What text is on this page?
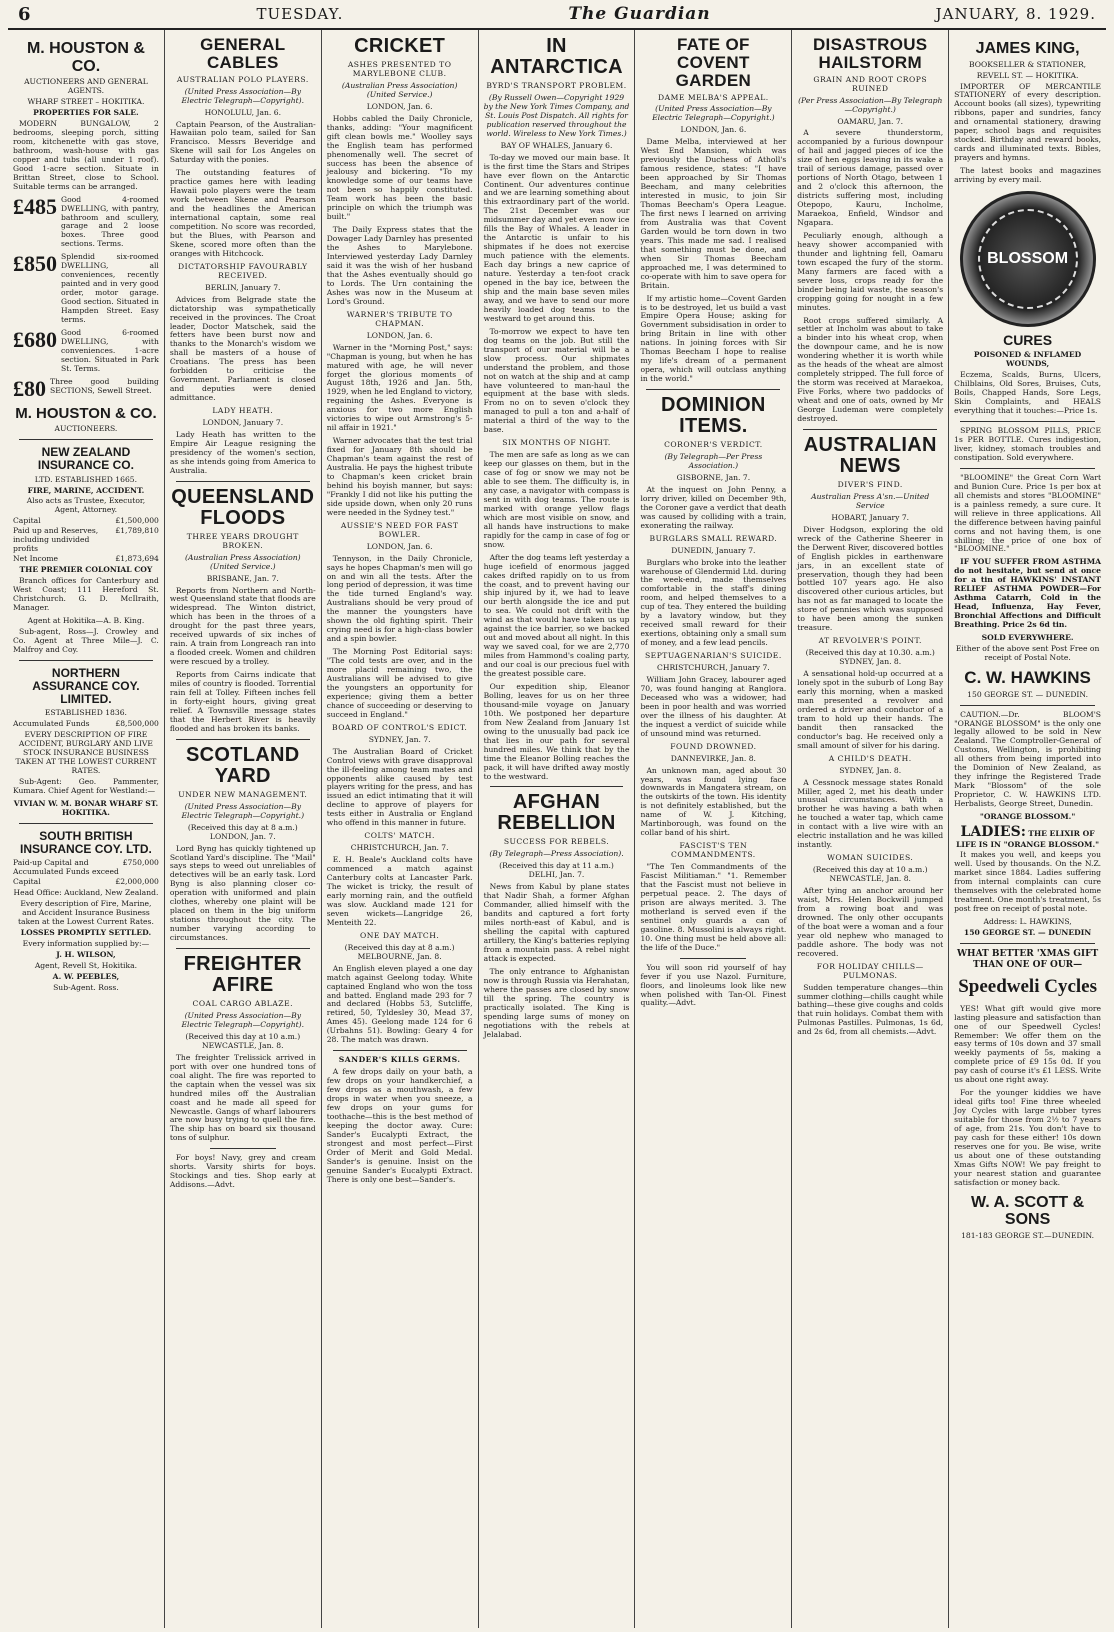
6	TUESDAY.	The Guardian	JANUARY, 8. 1929.
M. HOUSTON & CO.
AUCTIONEERS AND GENERAL AGENTS.
WHARF STREET – HOKITIKA.
PROPERTIES FOR SALE.
MODERN BUNGALOW, 2 bedrooms, sleeping porch, sitting room, kitchenette with gas stove, bathroom, wash-house with gas copper and tubs (all under 1 roof). Good 1-acre section. Situate in Brittan Street, close to School. Suitable terms can be arranged.
£485 Good 4-roomed DWELLING, with pantry, bathroom and scullery, garage and 2 loose boxes. Three good sections. Terms.
£850 Splendid six-roomed DWELLING, all conveniences, recently painted and in very good order, motor garage. Good section. Situated in Hampden Street. Easy terms.
£680 Good 6-roomed DWELLING, with conveniences. 1-acre section. Situated in Park St. Terms.
£80 Three good building SECTIONS, Sewell Street.
M. HOUSTON & CO.
AUCTIONEERS.
NEW ZEALAND INSURANCE CO.
LTD. ESTABLISHED 1665.
FIRE, MARINE, ACCIDENT.
Also acts as Trustee, Executor, Agent, Attorney.
Capital	£1,500,000
Paid up and Reserves, including undivided profits
£1,789,810
Net Income	£1,873,694
THE PREMIER COLONIAL COY
Branch offices for Canterbury and West Coast; 111 Hereford St. Christchurch. G. D. McIlraith, Manager.
Agent at Hokitika—A. B. King.
Sub-agent, Ross—J. Crowley and Co. Agent at Three Mile—J. C. Malfroy and Coy.
NORTHERN ASSURANCE COY. LIMITED.
ESTABLISHED 1836.
Accumulated Funds	£8,500,000
EVERY DESCRIPTION OF FIRE ACCIDENT, BURGLARY AND LIVE STOCK INSURANCE BUSINESS TAKEN AT THE LOWEST CURRENT RATES.
Sub-Agent: Geo. Pammenter, Kumara. Chief Agent for Westland:—
VIVIAN W. M. BONAR WHARF ST. HOKITIKA.
SOUTH BRITISH INSURANCE COY. LTD.
Paid-up Capital and Accumulated Funds exceed
£750,000
Capital	£2,000,000
Head Office: Auckland, New Zealand.
Every description of Fire, Marine, and Accident Insurance Business taken at the Lowest Current Rates.
LOSSES PROMPTLY SETTLED.
Every information supplied by:—
J. H. WILSON,
Agent, Revell St, Hokitika.
A. W. PEEBLES,
Sub-Agent. Ross.
GENERAL CABLES
AUSTRALIAN POLO PLAYERS.
(United Press Association—By Electric Telegraph—Copyright).
HONOLULU, Jan. 6.

Captain Pearson, of the Australian-Hawaiian polo team, sailed for San Francisco. Messrs Beveridge and Skene will sail for Los Angeles on Saturday with the ponies.

The outstanding features of practice games here with leading Hawaii polo players were the team work between Skene and Pearson and the headlines the American international captain, some real competition. No score was recorded, but the Blues, with Pearson and Skene, scored more often than the oranges with Hitchcock.

DICTATORSHIP FAVOURABLY RECEIVED.
BERLIN, January 7.

Advices from Belgrade state the dictatorship was sympathetically received in the provinces. The Croat leader, Doctor Matschek, said the fetters have been burst now and thanks to the Monarch's wisdom we shall be masters of a house of Croatians. The press has been forbidden to criticise the Government. Parliament is closed and deputies were denied admittance.

LADY HEATH.
LONDON, January 7.

Lady Heath has written to the Empire Air League resigning the presidency of the women's section, as she intends going from America to Australia.

QUEENSLAND FLOODS
THREE YEARS DROUGHT BROKEN.
(Australian Press Association) (United Service.)
BRISBANE, Jan. 7.

Reports from Northern and North-west Queensland state that floods are widespread. The Winton district, which has been in the throes of a drought for the past three years, received upwards of six inches of rain. A train from Longreach ran into a flooded creek. Women and children were rescued by a trolley.

Reports from Cairns indicate that miles of country is flooded. Torrential rain fell at Tolley. Fifteen inches fell in forty-eight hours, giving great relief. A Townsville message states that the Herbert River is heavily flooded and has broken its banks.

SCOTLAND YARD
UNDER NEW MANAGEMENT.
(United Press Association—By Electric Telegraph—Copyright.)
(Received this day at 8 a.m.) LONDON, Jan. 7.

Lord Byng has quickly tightened up Scotland Yard's discipline. The "Mail" says steps to weed out unreliables of detectives will be an early task. Lord Byng is also planning closer co-operation with uniformed and plain clothes, whereby one plaint will be placed on them in the big uniform stations throughout the city. The number varying according to circumstances.

FREIGHTER AFIRE
COAL CARGO ABLAZE.
(United Press Association—By Electric Telegraph—Copyright).
(Received this day at 10 a.m.) NEWCASTLE, Jan. 8.

The freighter Trelissick arrived in port with over one hundred tons of coal alight. The fire was reported to the captain when the vessel was six hundred miles off the Australian coast and he made all speed for Newcastle. Gangs of wharf labourers are now busy trying to quell the fire. The ship has on board six thousand tons of sulphur.

For boys! Navy, grey and cream shorts. Varsity shirts for boys. Stockings and ties. Shop early at Addisons.—Advt.

CRICKET
ASHES PRESENTED TO MARYLEBONE CLUB.
(Australian Press Association) (United Service.)
LONDON, Jan. 6.

Hobbs cabled the Daily Chronicle, thanks, adding: "Your magnificent gift clean bowls me." Woolley says the English team has performed phenomenally well. The secret of success has been the absence of jealousy and bickering. "To my knowledge some of our teams have not been so happily constituted. Team work has been the basic principle on which the triumph was built."

The Daily Express states that the Dowager Lady Darnley has presented the Ashes to Marylebone. Interviewed yesterday Lady Darnley said it was the wish of her husband that the Ashes eventually should go to Lords. The Urn containing the Ashes was now in the Museum at Lord's Ground.

WARNER'S TRIBUTE TO CHAPMAN.
LONDON, Jan. 6.

Warner in the "Morning Post," says: "Chapman is young, but when he has matured with age, he will never forget the glorious moments of August 18th, 1926 and Jan. 5th, 1929, when he led England to victory, regaining the Ashes. Everyone is anxious for two more English victories to wipe out Armstrong's 5-nil affair in 1921."

Warner advocates that the test trial fixed for January 8th should be Chapman's team against the rest of Australia. He pays the highest tribute to Chapman's keen cricket brain behind his boyish manner, but says: "Frankly I did not like his putting the side upside down, when only 20 runs were needed in the Sydney test."

AUSSIE'S NEED FOR FAST BOWLER.
LONDON, Jan. 6.

Tennyson, in the Daily Chronicle, says he hopes Chapman's men will go on and win all the tests. After the long period of depression, it was time the tide turned England's way. Australians should be very proud of the manner the youngsters have shown the old fighting spirit. Their crying need is for a high-class bowler and a spin bowler.

The Morning Post Editorial says: "The cold tests are over, and in the more placid remaining two, the Australians will be advised to give the youngsters an opportunity for experience; giving them a better chance of succeeding or deserving to succeed in England."

BOARD OF CONTROL'S EDICT.
SYDNEY, Jan. 7.

The Australian Board of Cricket Control views with grave disapproval the ill-feeling among team mates and opponents alike caused by test players writing for the press, and has issued an edict intimating that it will decline to approve of players for tests either in Australia or England who offend in this manner in future.

COLTS' MATCH.
CHRISTCHURCH, Jan. 7.

E. H. Beale's Auckland colts have commenced a match against Canterbury colts at Lancaster Park. The wicket is tricky, the result of early morning rain, and the outfield was slow. Auckland made 121 for seven wickets—Langridge 26, Menteith 22.

ONE DAY MATCH.
(Received this day at 8 a.m.) MELBOURNE, Jan. 8.

An English eleven played a one day match against Geelong today. White captained England who won the toss and batted. England made 293 for 7 and declared (Hobbs 53, Sutcliffe, retired, 50, Tyldesley 30, Mead 37, Ames 45). Geelong made 124 for 6 (Urbahns 51). Bowling: Geary 4 for 28. The match was drawn.

SANDER'S KILLS GERMS.

A few drops daily on your bath, a few drops on your handkerchief, a few drops as a mouthwash, a few drops in water when you sneeze, a few drops on your gums for toothache—this is the best method of keeping the doctor away. Cure: Sander's Eucalypti Extract, the strongest and most perfect—First Order of Merit and Gold Medal. Sander's is genuine. Insist on the genuine Sander's Eucalypti Extract. There is only one best—Sander's.

IN ANTARCTICA
BYRD'S TRANSPORT PROBLEM.
(By Russell Owen—Copyright 1929 by the New York Times Company, and St. Louis Post Dispatch. All rights for publication reserved throughout the world. Wireless to New York Times.)
BAY OF WHALES, January 6.

To-day we moved our main base. It is the first time the Stars and Stripes have ever flown on the Antarctic Continent. Our adventures continue and we are learning something about this extraordinary part of the world. The 21st December was our midsummer day and yet even now ice fills the Bay of Whales. A leader in the Antarctic is unfair to his shipmates if he does not exercise much patience with the elements. Each day brings a new caprice of nature. Yesterday a ten-foot crack opened in the bay ice, between the ship and the main base seven miles away, and we have to send our more heavily loaded dog teams to the westward to get around this.

To-morrow we expect to have ten dog teams on the job. But still the transport of our material will be a slow process. Our shipmates understand the problem, and those not on watch at the ship and at camp have volunteered to man-haul the equipment at the base with sleds. From no on to seven o'clock they managed to pull a ton and a-half of material a third of the way to the base.

SIX MONTHS OF NIGHT.

The men are safe as long as we can keep our glasses on them, but in the case of fog or snow we may not be able to see them. The difficulty is, in any case, a navigator with compass is sent in with dog teams. The route is marked with orange yellow flags which are most visible on snow, and all hands have instructions to make rapidly for the camp in case of fog or snow.

After the dog teams left yesterday a huge icefield of enormous jagged cakes drifted rapidly on to us from the coast, and to prevent having our ship injured by it, we had to leave our berth alongside the ice and put to sea. We could not drift with the wind as that would have taken us up against the ice barrier, so we backed out and moved about all night. In this way we saved coal, for we are 2,770 miles from Hammond's coaling party, and our coal is our precious fuel with the greatest possible care.

Our expedition ship, Eleanor Bolling, leaves for us on her three thousand-mile voyage on January 10th. We postponed her departure from New Zealand from January 1st owing to the unusually bad pack ice that lies in our path for several hundred miles. We think that by the time the Eleanor Bolling reaches the pack, it will have drifted away mostly to the westward.

AFGHAN REBELLION
SUCCESS FOR REBELS.
(By Telegraph—Press Association).
(Received this day at 11 a.m.) DELHI, Jan. 7.

News from Kabul by plane states that Nadir Shah, a former Afghan Commander, allied himself with the bandits and captured a fort forty miles north-east of Kabul, and is shelling the capital with captured artillery, the King's batteries replying from a mountain pass. A rebel night attack is expected.

The only entrance to Afghanistan now is through Russia via Herahatan, where the passes are closed by snow till the spring. The country is practically isolated. The King is spending large sums of money on negotiations with the rebels at Jelalabad.

FATE OF COVENT GARDEN
DAME MELBA'S APPEAL.
(United Press Association—By Electric Telegraph—Copyright.)
LONDON, Jan. 6.

Dame Melba, interviewed at her West End Mansion, which was previously the Duchess of Atholl's famous residence, states: "I have been approached by Sir Thomas Beecham, and many celebrities interested in music, to join Sir Thomas Beecham's Opera League. The first news I learned on arriving from Australia was that Covent Garden would be torn down in two years. This made me sad. I realised that something must be done, and when Sir Thomas Beecham approached me, I was determined to co-operate with him to save opera for Britain.

If my artistic home—Covent Garden is to be destroyed, let us build a vast Empire Opera House; asking for Government subsidisation in order to bring Britain in line with other nations. In joining forces with Sir Thomas Beecham I hope to realise my life's dream of a permanent opera, which will outclass anything in the world."

DOMINION ITEMS.
CORONER'S VERDICT.
(By Telegraph—Per Press Association.)
GISBORNE, Jan. 7.

At the inquest on John Penny, a lorry driver, killed on December 9th, the Coroner gave a verdict that death was caused by colliding with a train, exonerating the railway.

BURGLARS SMALL REWARD.
DUNEDIN, January 7.

Burglars who broke into the leather warehouse of Glendermid Ltd. during the week-end, made themselves comfortable in the staff's dining room, and helped themselves to a cup of tea. They entered the building by a lavatory window, but they received small reward for their exertions, obtaining only a small sum of money, and a few lead pencils.

SEPTUAGENARIAN'S SUICIDE.
CHRISTCHURCH, January 7.

William John Gracey, labourer aged 70, was found hanging at Ranglora. Deceased who was a widower, had been in poor health and was worried over the illness of his daughter. At the inquest a verdict of suicide while of unsound mind was returned.

FOUND DROWNED.
DANNEVIRKE, Jan. 8.

An unknown man, aged about 30 years, was found lying face downwards in Mangatera stream, on the outskirts of the town. His identity is not definitely established, but the name of W. J. Kitching, Martinborough, was found on the collar band of his shirt.

FASCIST'S TEN COMMANDMENTS.

"The Ten Commandments of the Fascist Militiaman." "1. Remember that the Fascist must not believe in perpetual peace. 2. The days of prison are always merited. 3. The motherland is served even if the sentinel only guards a can of gasoline. 8. Mussolini is always right. 10. One thing must be held above all: the life of the Duce."

You will soon rid yourself of hay fever if you use Nazol. Furniture, floors, and linoleums look like new when polished with Tan-Ol. Finest quality.—Advt.

DISASTROUS HAILSTORM
GRAIN AND ROOT CROPS RUINED
(Per Press Association—By Telegraph—Copyright.)
OAMARU, Jan. 7.

A severe thunderstorm, accompanied by a furious downpour of hail and jagged pieces of ice the size of hen eggs leaving in its wake a trail of serious damage, passed over portions of North Otago, between 1 and 2 o'clock this afternoon, the districts suffering most, including Otepopo, Kauru, Incholme, Maraekoa, Enfield, Windsor and Ngapara.

Peculiarly enough, although a heavy shower accompanied with thunder and lightning fell, Oamaru town escaped the fury of the storm. Many farmers are faced with a severe loss, crops ready for the binder being laid waste, the season's cropping going for nought in a few minutes.

Root crops suffered similarly. A settler at Incholm was about to take a binder into his wheat crop, when the downpour came, and he is now wondering whether it is worth while as the heads of the wheat are almost completely stripped. The full force of the storm was received at Maraekoa, Five Forks, where two paddocks of wheat and one of oats, owned by Mr George Ludeman were completely destroyed.

AUSTRALIAN NEWS
DIVER'S FIND.
Australian Press A'sn.—United Service
HOBART, January 7.

Diver Hodgson, exploring the old wreck of the Catherine Sheerer in the Derwent River, discovered bottles of English pickles in earthenware jars, in an excellent state of preservation, though they had been bottled 107 years ago. He also discovered other curious articles, but has not as far managed to locate the store of pennies which was supposed to have been among the sunken treasure.

AT REVOLVER'S POINT.
(Received this day at 10.30. a.m.) SYDNEY, Jan. 8.

A sensational hold-up occurred at a lonely spot in the suburb of Long Bay early this morning, when a masked man presented a revolver and ordered a driver and conductor of a tram to hold up their hands. The bandit then ransacked the conductor's bag. He received only a small amount of silver for his daring.

A CHILD'S DEATH.
SYDNEY, Jan. 8.

A Cessnock message states Ronald Miller, aged 2, met his death under unusual circumstances. With a brother he was having a bath when he touched a water tap, which came in contact with a live wire with an electric installation and he was killed instantly.

WOMAN SUICIDES.
(Received this day at 10 a.m.) NEWCASTLE, Jan. 8.

After tying an anchor around her waist, Mrs. Helen Bockwill jumped from a rowing boat and was drowned. The only other occupants of the boat were a woman and a four year old nephew who managed to paddle ashore. The body was not recovered.

FOR HOLIDAY CHILLS—PULMONAS.

Sudden temperature changes—thin summer clothing—chills caught while bathing—these give coughs and colds that ruin holidays. Combat them with Pulmonas Pastilles. Pulmonas, 1s 6d, and 2s 6d, from all chemists.—Advt.

JAMES KING,
BOOKSELLER & STATIONER,
REVELL ST. — HOKITIKA.

IMPORTER OF MERCANTILE STATIONERY of every description. Account books (all sizes), typewriting ribbons, paper and sundries, fancy and ornamental stationery, drawing paper, school bags and requisites stocked. Birthday and reward books, cards and illuminated texts. Bibles, prayers and hymns.

The latest books and magazines arriving by every mail.

BLOSSOM
CURES
POISONED & INFLAMED WOUNDS,

Eczema, Scalds, Burns, Ulcers, Chilblains, Old Sores, Bruises, Cuts, Boils, Chapped Hands, Sore Legs, Skin Complaints, and HEALS everything that it touches:—Price 1s.

SPRING BLOSSOM PILLS, PRICE 1s PER BOTTLE. Cures indigestion, liver, kidney, stomach troubles and constipation. Sold everywhere.

"BLOOMINE" the Great Corn Wart and Bunion Cure. Price 1s per box at all chemists and stores "BLOOMINE" is a painless remedy, a sure cure. It will relieve in three applications. All the difference between having painful corns and not having them, is one shilling; the price of one box of "BLOOMINE."

IF YOU SUFFER FROM ASTHMA do not hesitate, but send at once for a tin of HAWKINS' INSTANT RELIEF ASTHMA POWDER—For Asthma Catarrh, Cold in the Head, Influenza, Hay Fever, Bronchial Affections and Difficult Breathing. Price 2s 6d tin.

SOLD EVERYWHERE.
Either of the above sent Post Free on receipt of Postal Note.
C. W. HAWKINS
150 GEORGE ST. — DUNEDIN.

CAUTION.—Dr. BLOOM'S "ORANGE BLOSSOM" is the only one legally allowed to be sold in New Zealand. The Comptroller-General of Customs, Wellington, is prohibiting all others from being imported into the Dominion of New Zealand, as they infringe the Registered Trade Mark "Blossom" of the sole Proprietor, C. W. HAWKINS LTD. Herbalists, George Street, Dunedin.

"ORANGE BLOSSOM."
LADIES: THE ELIXIR OF LIFE IS IN "ORANGE BLOSSOM."

It makes you well, and keeps you well. Used by thousands. On the N.Z. market since 1884. Ladies suffering from internal complaints can cure themselves with the celebrated home treatment. One month's treatment, 5s post free on receipt of postal note.

Address: L. HAWKINS,
150 GEORGE ST. — DUNEDIN
WHAT BETTER 'XMAS GIFT THAN ONE OF OUR—
Speedweli Cycles

YES! What gift would give more lasting pleasure and satisfaction than one of our Speedwell Cycles! Remember: We offer them on the easy terms of 10s down and 37 small weekly payments of 5s, making a complete price of £9 15s 0d. If you pay cash of course it's £1 LESS. Write us about one right away.

For the younger kiddies we have ideal gifts too! Fine three wheeled Joy Cycles with large rubber tyres suitable for those from 2½ to 7 years of age, from 21s. You don't have to pay cash for these either! 10s down reserves one for you. Be wise, write us about one of these outstanding Xmas Gifts NOW! We pay freight to your nearest station and guarantee satisfaction or money back.

W. A. SCOTT & SONS
181-183 GEORGE ST.—DUNEDIN.
